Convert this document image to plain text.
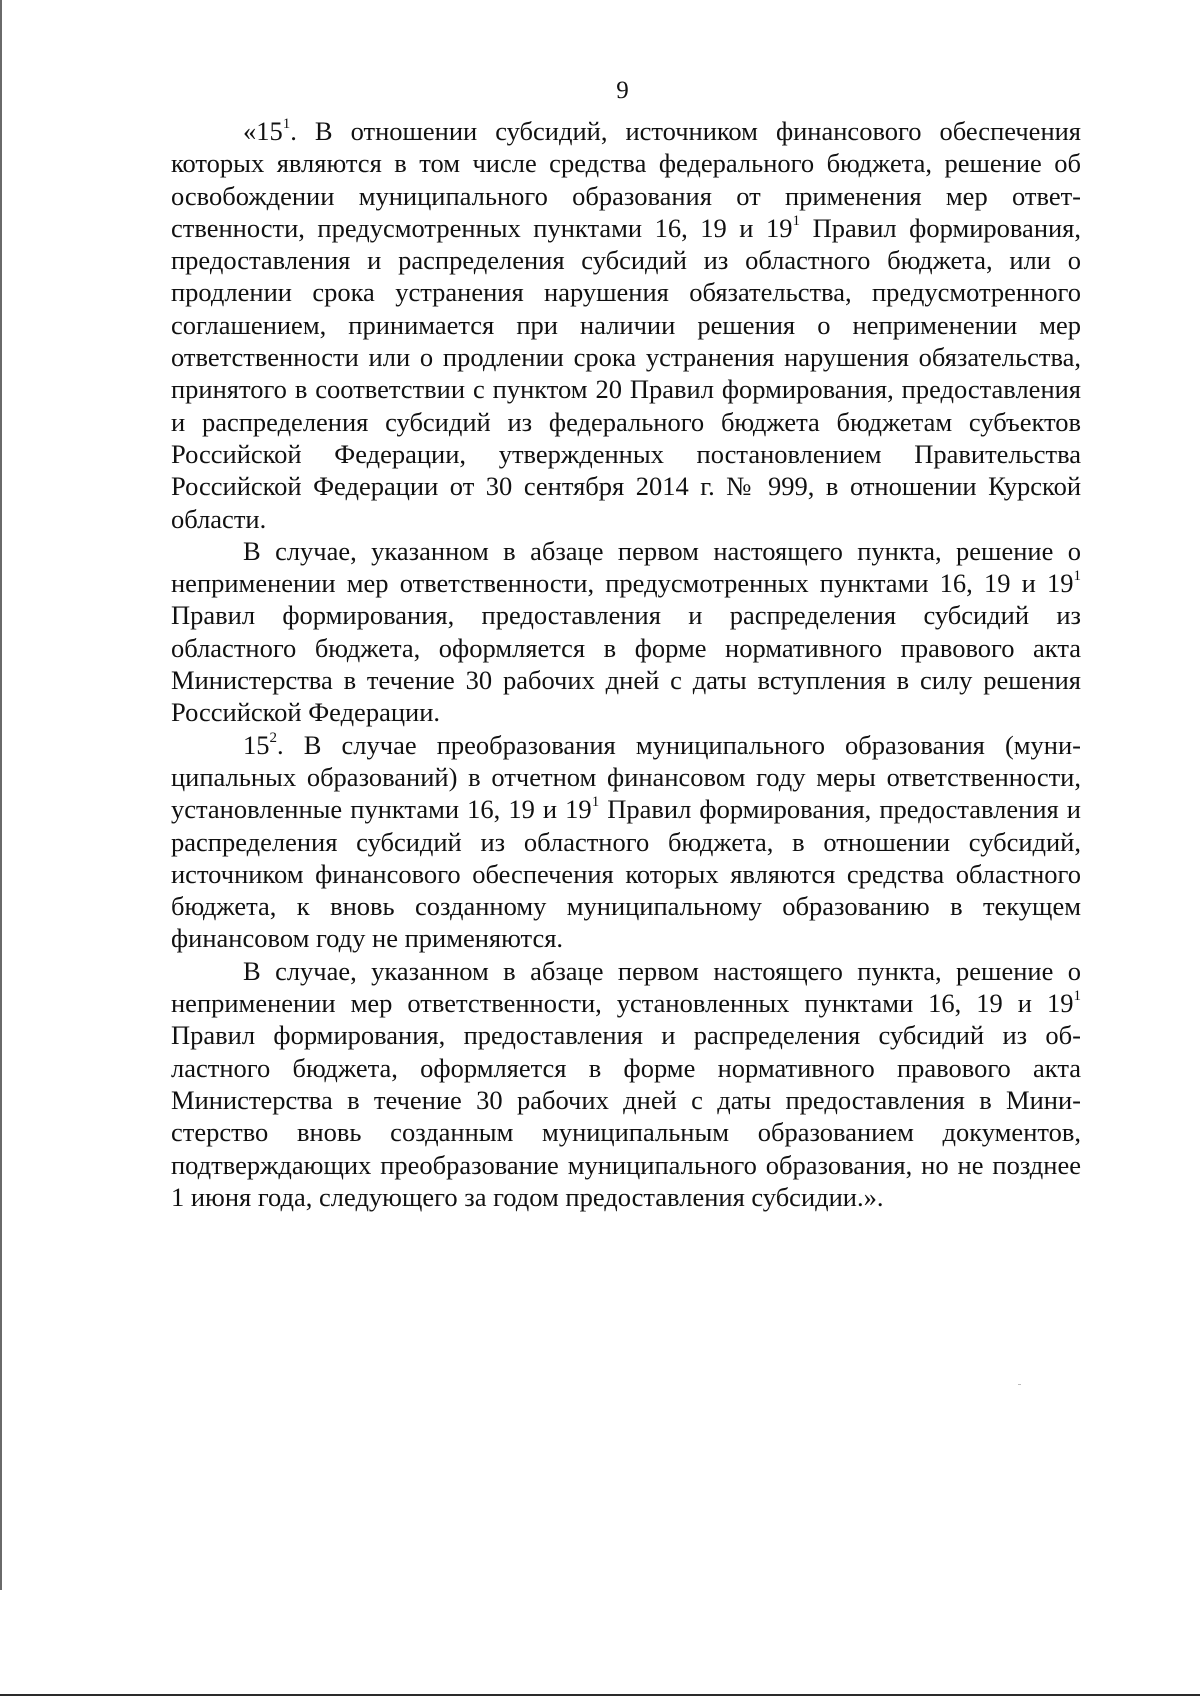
9

«$15^1$. В отношении субсидий, источником финансового обеспечения которых являются в том числе средства федерального бюджета, решение об освобождении муниципального образования от применения мер ответственности, предусмотренных пунктами 16, 19 и $19^1$ Правил формирования, предоставления и распределения субсидий из областного бюджета, или о продлении срока устранения нарушения обязательства, предусмотренного соглашением, принимается при наличии решения о неприменении мер ответственности или о продлении срока устранения нарушения обязательства, принятого в соответствии с пунктом 20 Правил формирования, предоставления и распределения субсидий из федерального бюджета бюджетам субъектов Российской Федерации, утвержденных постановлением Правительства Российской Федерации от 30 сентября 2014 г. № 999, в отношении Курской области.

В случае, указанном в абзаце первом настоящего пункта, решение о неприменении мер ответственности, предусмотренных пунктами 16, 19 и $19^1$ Правил формирования, предоставления и распределения субсидий из областного бюджета, оформляется в форме нормативного правового акта Министерства в течение 30 рабочих дней с даты вступления в силу решения Российской Федерации.

$15^2$. В случае преобразования муниципального образования (муниципальных образований) в отчетном финансовом году меры ответственности, установленные пунктами 16, 19 и $19^1$ Правил формирования, предоставления и распределения субсидий из областного бюджета, в отношении субсидий, источником финансового обеспечения которых являются средства областного бюджета, к вновь созданному муниципальному образованию в текущем финансовом году не применяются.

В случае, указанном в абзаце первом настоящего пункта, решение о неприменении мер ответственности, установленных пунктами 16, 19 и $19^1$ Правил формирования, предоставления и распределения субсидий из областного бюджета, оформляется в форме нормативного правового акта Министерства в течение 30 рабочих дней с даты предоставления в Министерство вновь созданным муниципальным образованием документов, подтверждающих преобразование муниципального образования, но не позднее 1 июня года, следующего за годом предоставления субсидии.».
